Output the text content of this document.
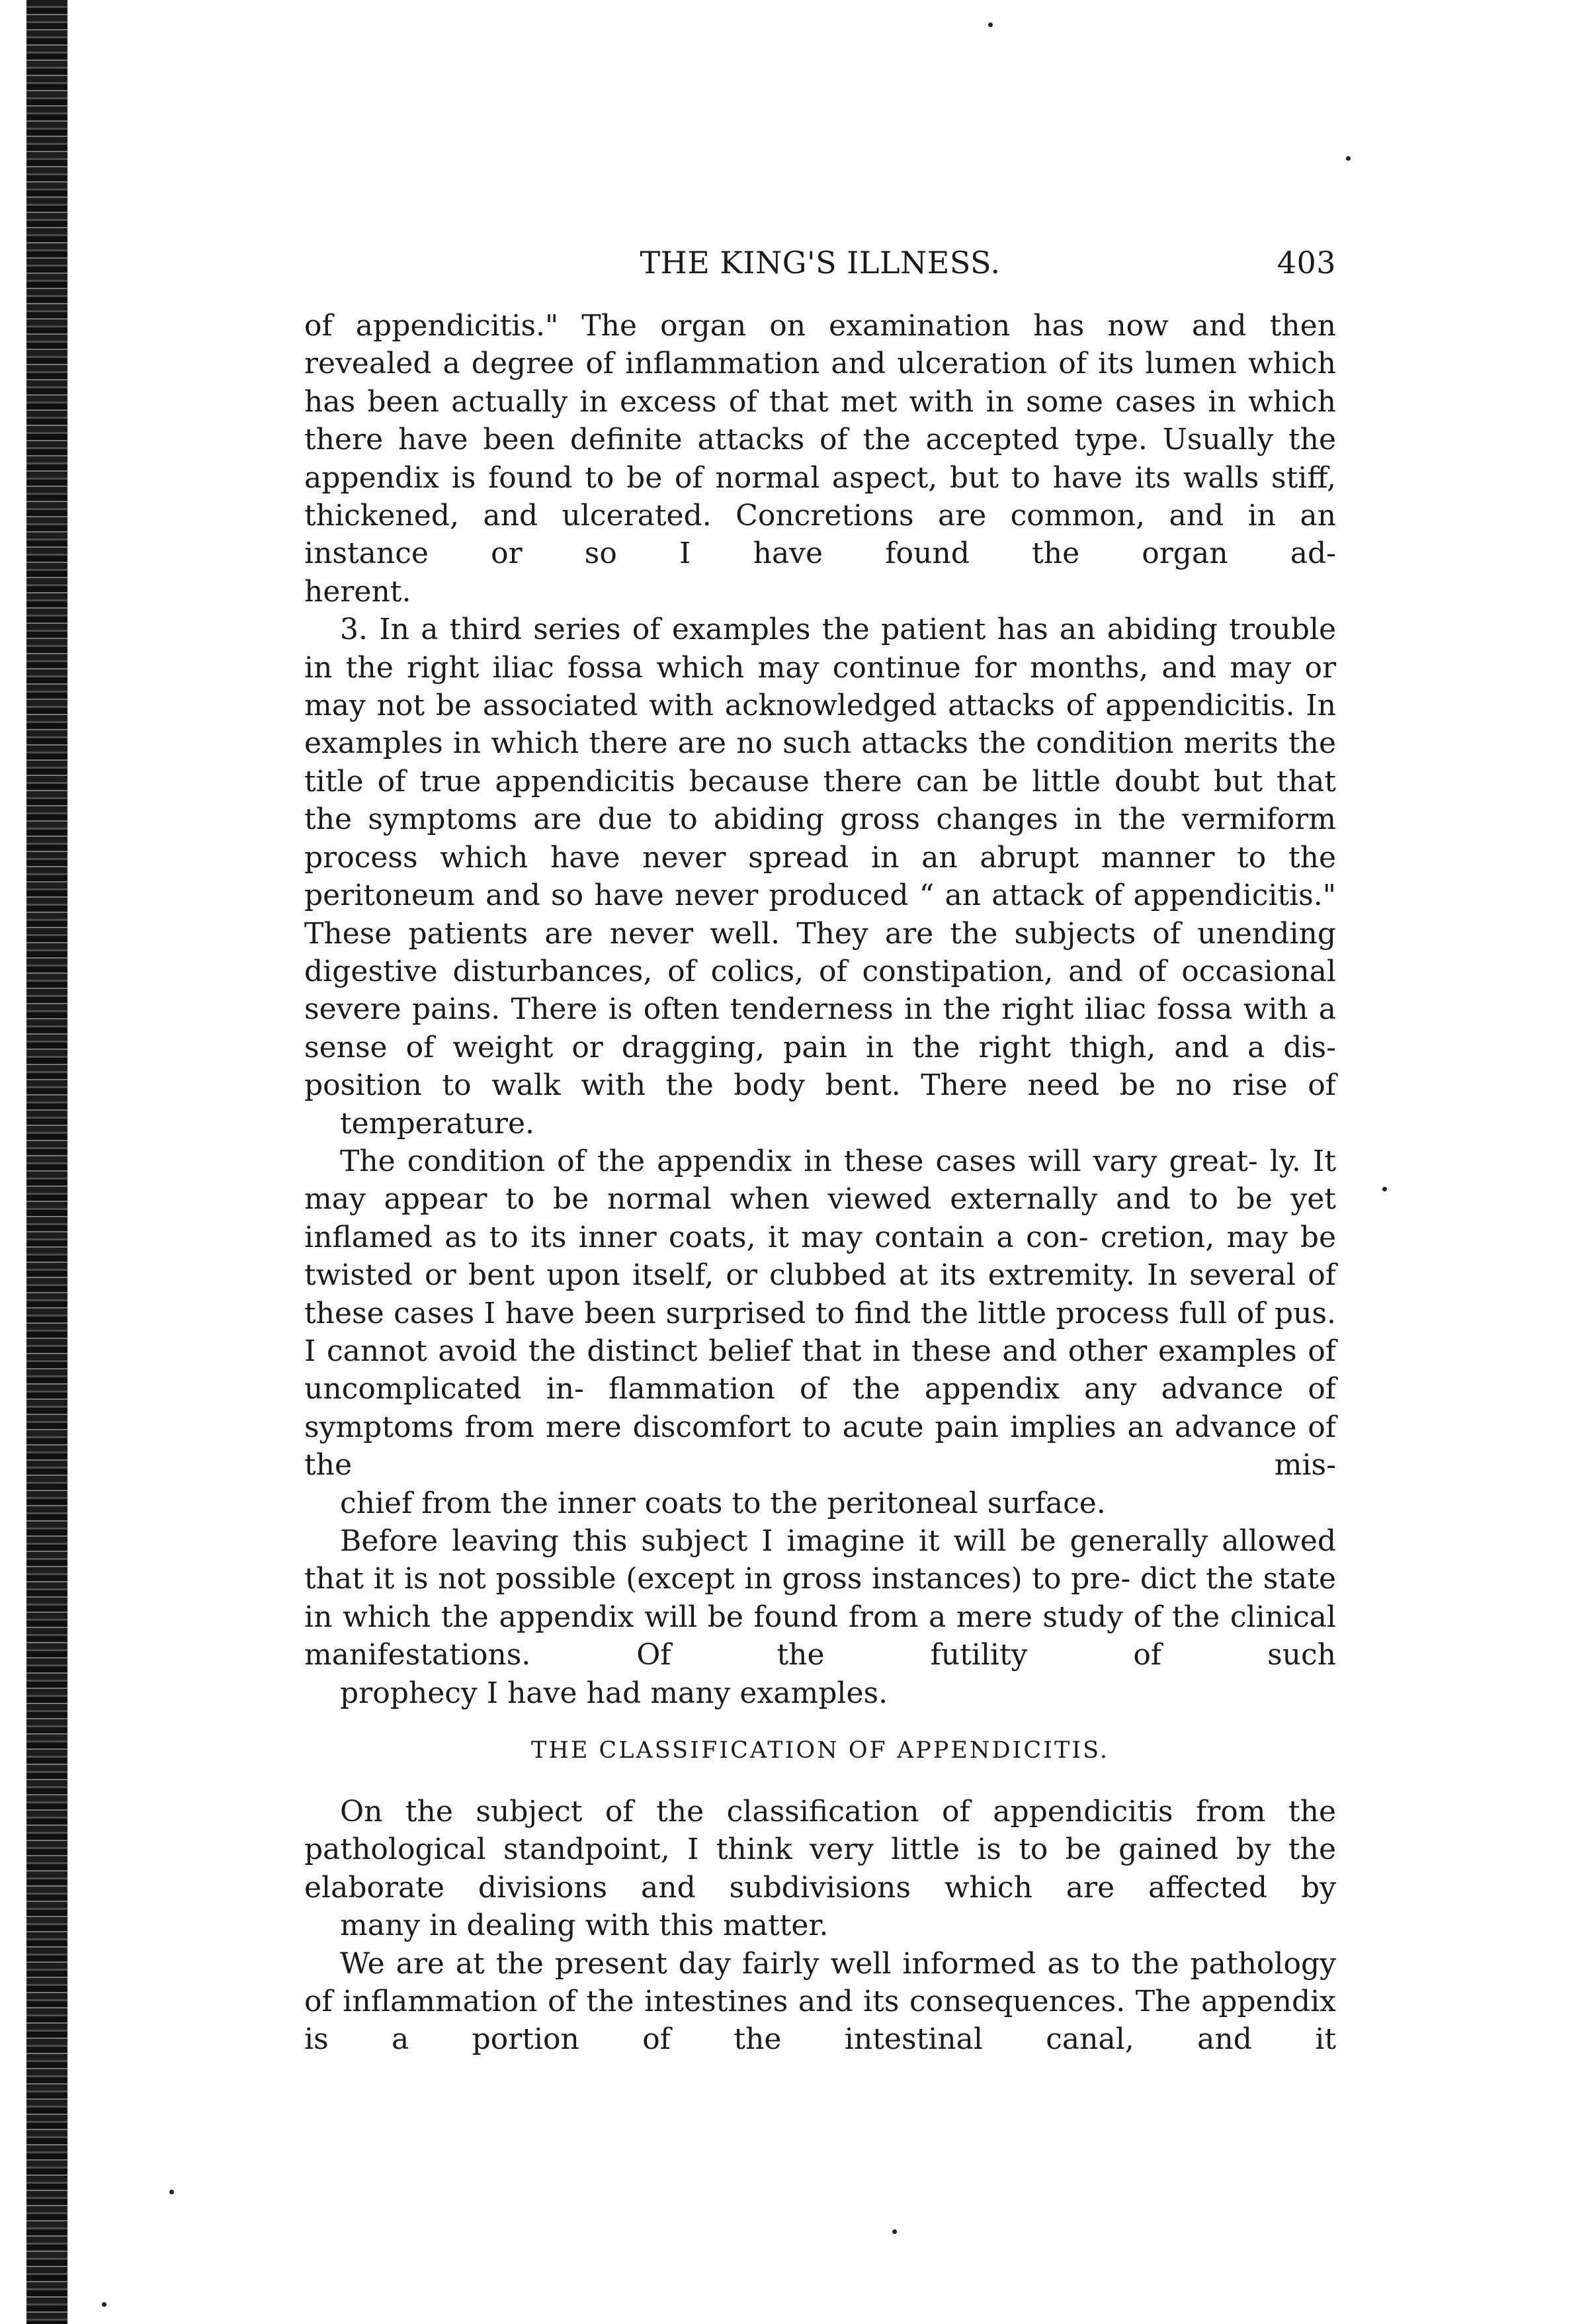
THE KING'S ILLNESS.	403

of appendicitis." The organ on examination has now and then revealed a degree of inflammation and ulceration of its lumen which has been actually in excess of that met with in some cases in which there have been definite attacks of the accepted type. Usually the appendix is found to be of normal aspect, but to have its walls stiff, thickened, and ulcerated. Concretions are common, and in an instance or so I have found the organ ad-
herent.

3. In a third series of examples the patient has an abiding trouble in the right iliac fossa which may continue for months, and may or may not be associated with acknowledged attacks of appendicitis. In examples in which there are no such attacks the condition merits the title of true appendicitis because there can be little doubt but that the symptoms are due to abiding gross changes in the vermiform process which have never spread in an abrupt manner to the peritoneum and so have never produced “ an attack of appendicitis." These patients are never well. They are the subjects of unending digestive disturbances, of colics, of constipation, and of occasional severe pains. There is often tenderness in the right iliac fossa with a sense of weight or dragging, pain in the right thigh, and a dis- position to walk with the body bent. There need be no rise of
temperature.

The condition of the appendix in these cases will vary great- ly. It may appear to be normal when viewed externally and to be yet inflamed as to its inner coats, it may contain a con- cretion, may be twisted or bent upon itself, or clubbed at its extremity. In several of these cases I have been surprised to find the little process full of pus. I cannot avoid the distinct belief that in these and other examples of uncomplicated in- flammation of the appendix any advance of symptoms from mere discomfort to acute pain implies an advance of the mis-
chief from the inner coats to the peritoneal surface.

Before leaving this subject I imagine it will be generally allowed that it is not possible (except in gross instances) to pre- dict the state in which the appendix will be found from a mere study of the clinical manifestations. Of the futility of such
prophecy I have had many examples.

THE CLASSIFICATION OF APPENDICITIS.

On the subject of the classification of appendicitis from the pathological standpoint, I think very little is to be gained by the elaborate divisions and subdivisions which are affected by
many in dealing with this matter.

We are at the present day fairly well informed as to the pathology of inflammation of the intestines and its consequences. The appendix is a portion of the intestinal canal, and it
